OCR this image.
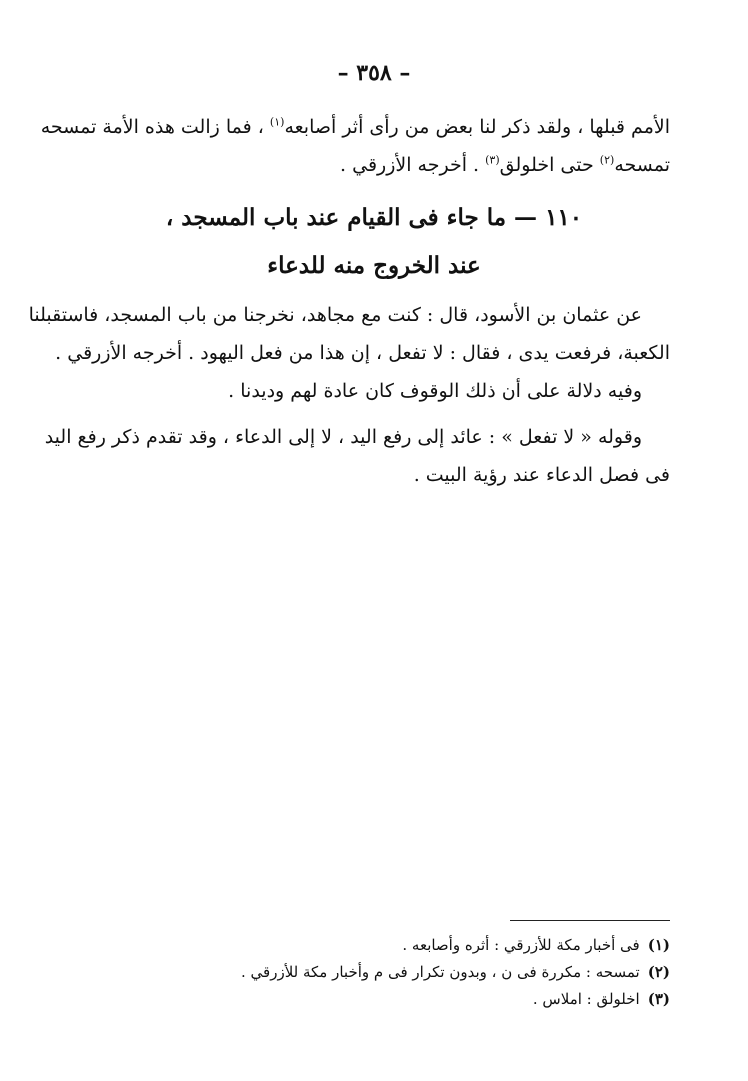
– ٣٥٨ –
الأمم قبلها ، ولقد ذكر لنا بعض من رأى أثر أصابعه$^{(١)}$ ، فما زالت هذه الأمة تمسحه
تمسحه$^{(٢)}$ حتى اخلولق$^{(٣)}$ . أخرجه الأزرقي .
١١٠ — ما جاء فى القيام عند باب المسجد ،
عند الخروج منه للدعاء
عن عثمان بن الأسود، قال : كنت مع مجاهد، نخرجنا من باب المسجد، فاستقبلنا
الكعبة، فرفعت يدى ، فقال : لا تفعل ، إن هذا من فعل اليهود . أخرجه الأزرقي .
وفيه دلالة على أن ذلك الوقوف كان عادة لهم وديدنا .
وقوله « لا تفعل » : عائد إلى رفع اليد ، لا إلى الدعاء ، وقد تقدم ذكر رفع اليد
فى فصل الدعاء عند رؤية البيت .
(١)فى أخبار مكة للأزرقي : أثره وأصابعه .
(٢)تمسحه : مكررة فى ن ، وبدون تكرار فى م وأخبار مكة للأزرقي .
(٣)اخلولق : املاس .
